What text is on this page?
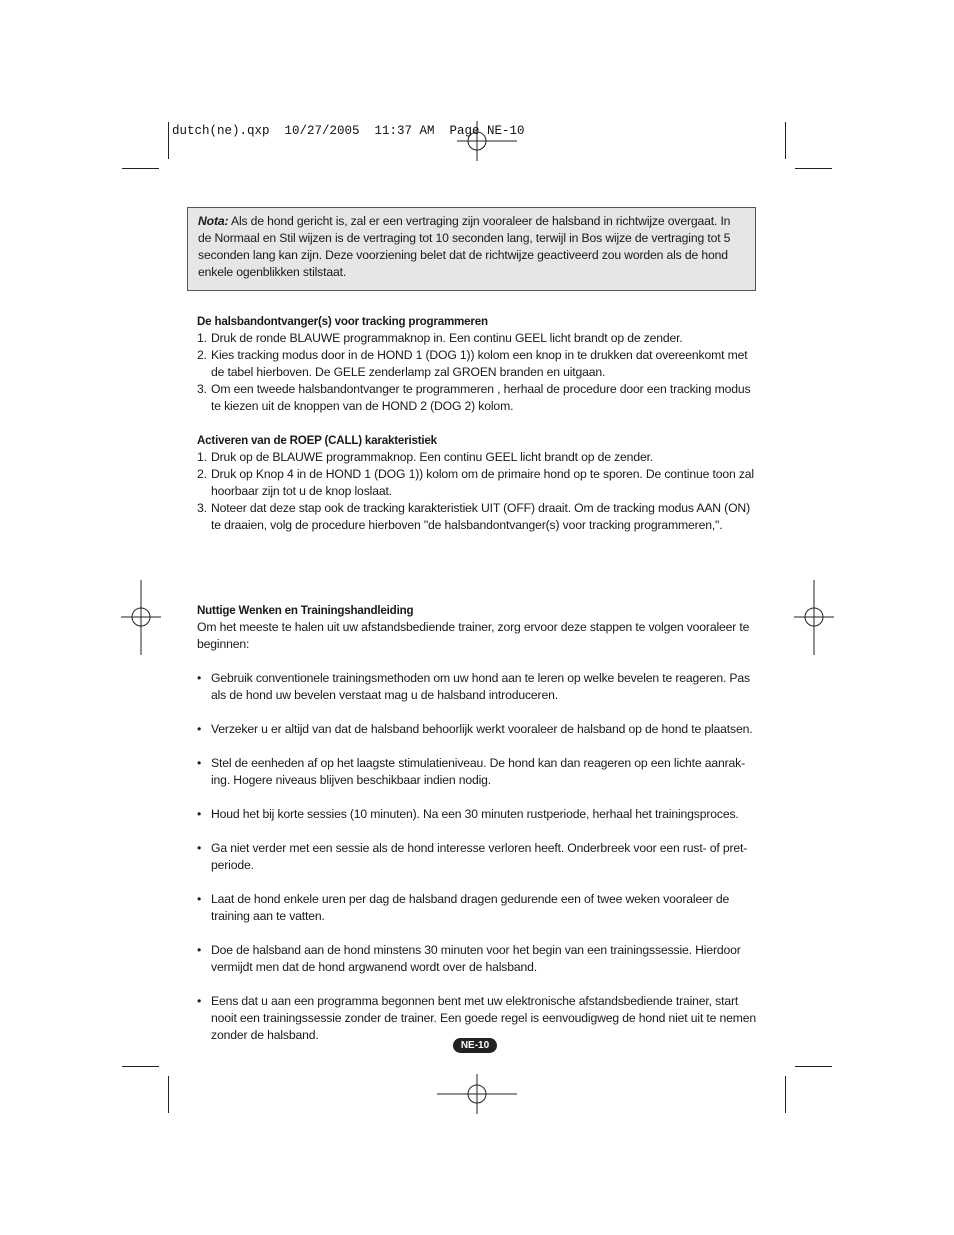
dutch(ne).qxp  10/27/2005  11:37 AM  Page NE-10
Nota: Als de hond gericht is, zal er een vertraging zijn vooraleer de halsband in richtwijze overgaat. In de Normaal en Stil wijzen is de vertraging tot 10 seconden lang, terwijl in Bos wijze de vertraging tot 5 seconden lang kan zijn. Deze voorziening belet dat de richtwijze geactiveerd zou worden als de hond enkele ogenblikken stilstaat.

De halsbandontvanger(s) voor tracking programmeren

1. Druk de ronde BLAUWE programmaknop in. Een continu GEEL licht brandt op de zender.
2. Kies tracking modus door in de HOND 1 (DOG 1)) kolom een knop in te drukken dat overeenkomt met de tabel hierboven. De GELE zenderlamp zal GROEN branden en uitgaan.
3. Om een tweede halsbandontvanger te programmeren , herhaal de procedure door een tracking modus te kiezen uit de knoppen van de HOND 2 (DOG 2) kolom.

Activeren van de ROEP (CALL) karakteristiek

1. Druk op de BLAUWE programmaknop. Een continu GEEL licht brandt op de zender.
2. Druk op Knop 4 in de HOND 1 (DOG 1)) kolom om de primaire hond op te sporen. De continue toon zal hoorbaar zijn tot u de knop loslaat.
3. Noteer dat deze stap ook de tracking karakteristiek UIT (OFF) draait. Om de tracking modus AAN (ON) te draaien, volg de procedure hierboven "de halsbandontvanger(s) voor tracking programmeren,".

Nuttige Wenken en Trainingshandleiding

Om het meeste te halen uit uw afstandsbediende trainer, zorg ervoor deze stappen te volgen vooraleer te beginnen:

• Gebruik conventionele trainingsmethoden om uw hond aan te leren op welke bevelen te reageren. Pas als de hond uw bevelen verstaat mag u de halsband introduceren.
• Verzeker u er altijd van dat de halsband behoorlijk werkt vooraleer de halsband op de hond te plaatsen.
• Stel de eenheden af op het laagste stimulatieniveau. De hond kan dan reageren op een lichte aanrak-ing. Hogere niveaus blijven beschikbaar indien nodig.
• Houd het bij korte sessies (10 minuten). Na een 30 minuten rustperiode, herhaal het trainingsproces.
• Ga niet verder met een sessie als de hond interesse verloren heeft. Onderbreek voor een rust- of pret-periode.
• Laat de hond enkele uren per dag de halsband dragen gedurende een of twee weken vooraleer de training aan te vatten.
• Doe de halsband aan de hond minstens 30 minuten voor het begin van een trainingssessie. Hierdoor vermijdt men dat de hond argwanend wordt over de halsband.
• Eens dat u aan een programma begonnen bent met uw elektronische afstandsbediende trainer, start nooit een trainingssessie zonder de trainer. Een goede regel is eenvoudigweg de hond niet uit te nemen zonder de halsband.
NE-10
